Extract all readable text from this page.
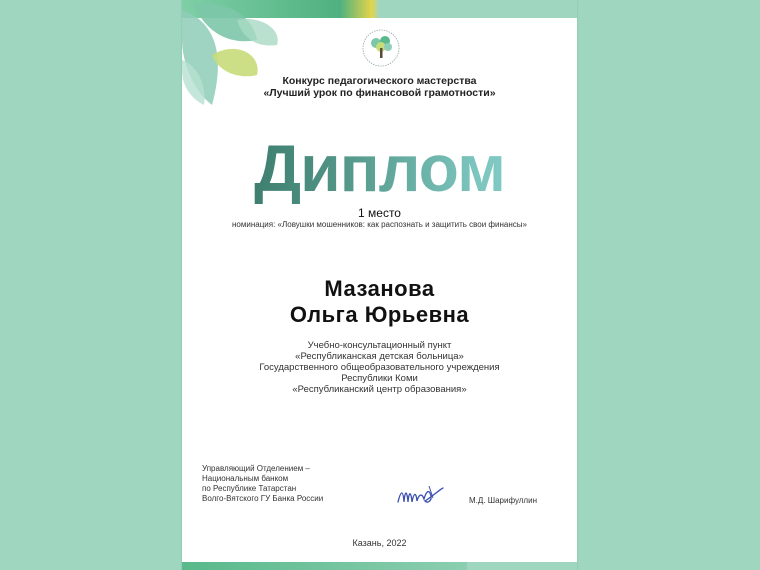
Конкурс педагогического мастерства
«Лучший урок по финансовой грамотности»
Диплом
1 место
номинация: «Ловушки мошенников: как распознать и защитить свои финансы»
Мазанова
Ольга Юрьевна
Учебно-консультационный пункт
«Республиканская детская больница»
Государственного общеобразовательного учреждения
Республики Коми
«Республиканский центр образования»
Управляющий Отделением –
Национальным банком
по Республике Татарстан
Волго-Вятского ГУ Банка России	М.Д. Шарифуллин
Казань, 2022
